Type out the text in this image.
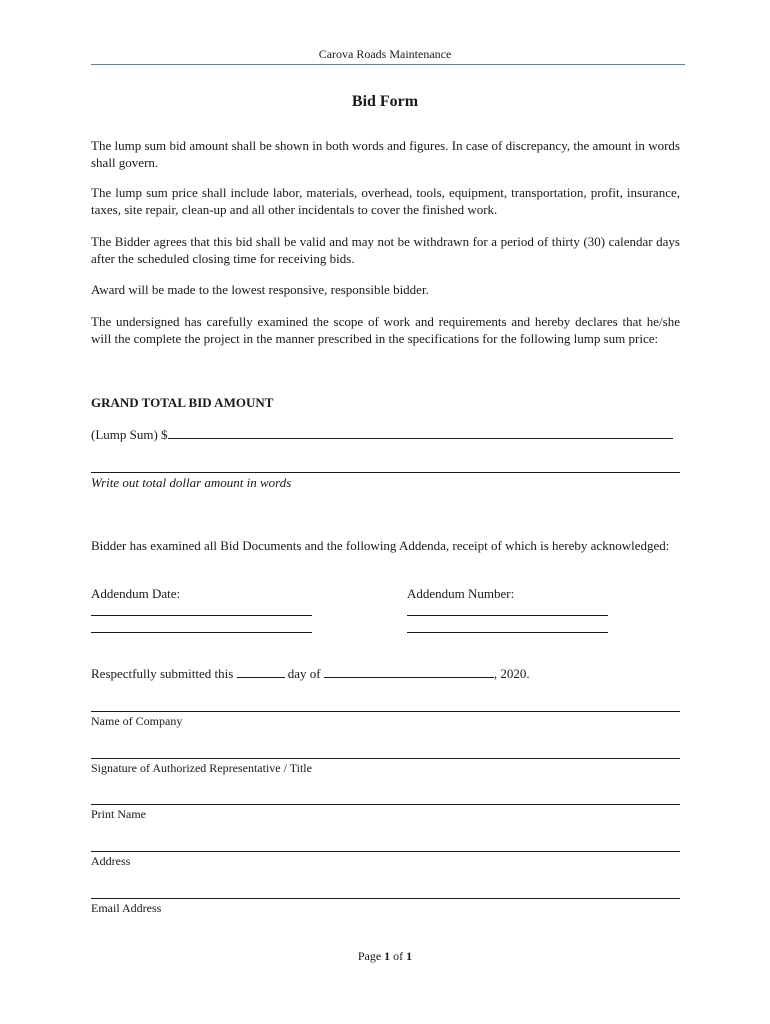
Carova Roads Maintenance
Bid Form
The lump sum bid amount shall be shown in both words and figures. In case of discrepancy, the amount in words shall govern.
The lump sum price shall include labor, materials, overhead, tools, equipment, transportation, profit, insurance, taxes, site repair, clean-up and all other incidentals to cover the finished work.
The Bidder agrees that this bid shall be valid and may not be withdrawn for a period of thirty (30) calendar days after the scheduled closing time for receiving bids.
Award will be made to the lowest responsive, responsible bidder.
The undersigned has carefully examined the scope of work and requirements and hereby declares that he/she will the complete the project in the manner prescribed in the specifications for the following lump sum price:
GRAND TOTAL BID AMOUNT
(Lump Sum) $
Write out total dollar amount in words
Bidder has examined all Bid Documents and the following Addenda, receipt of which is hereby acknowledged:
Addendum Date:	Addendum Number:
Respectfully submitted this	day of	, 2020.
Name of Company
Signature of Authorized Representative / Title
Print Name
Address
Email Address
Page 1 of 1
